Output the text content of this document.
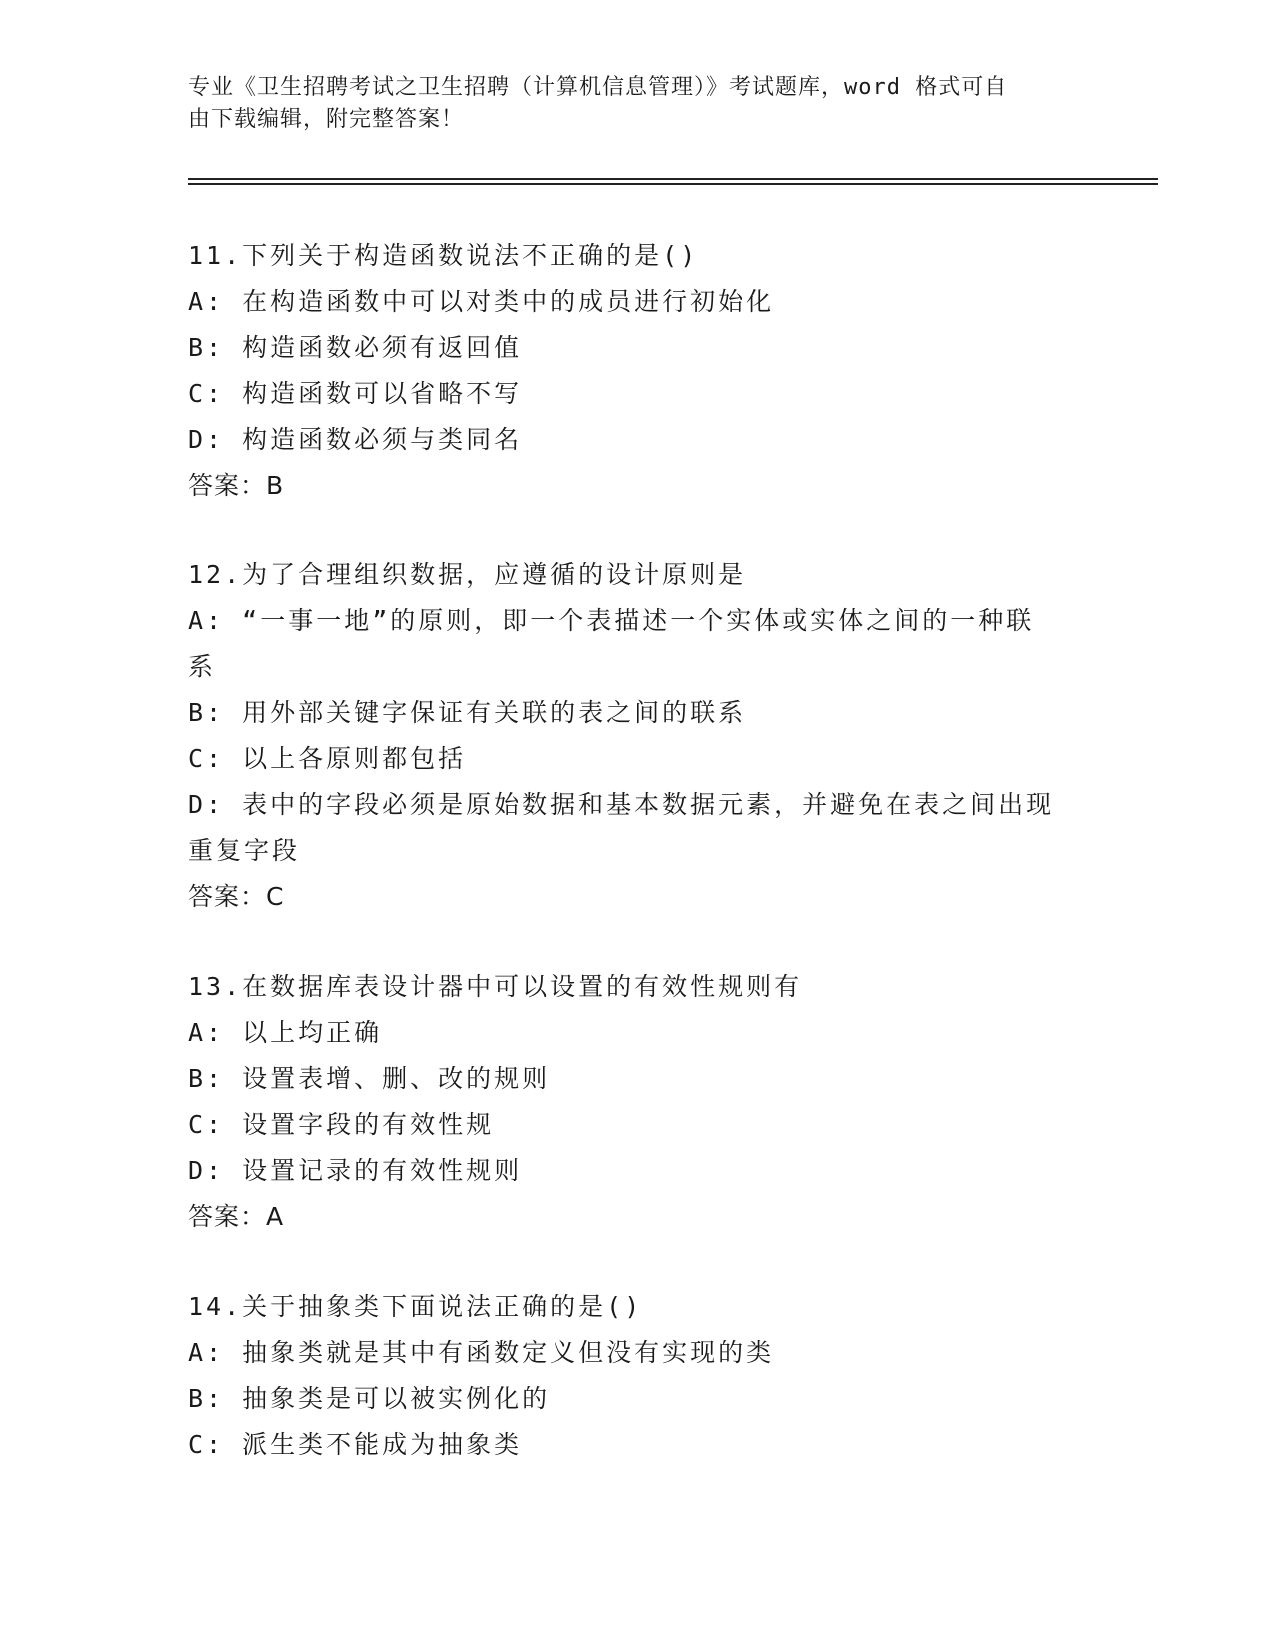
专业《卫生招聘考试之卫生招聘（计算机信息管理）》考试题库，word 格式可自
由下载编辑，附完整答案！
11.下列关于构造函数说法不正确的是()
A: 在构造函数中可以对类中的成员进行初始化
B: 构造函数必须有返回值
C: 构造函数可以省略不写
D: 构造函数必须与类同名
答案：B
12.为了合理组织数据，应遵循的设计原则是
A: “一事一地”的原则，即一个表描述一个实体或实体之间的一种联
系
B: 用外部关键字保证有关联的表之间的联系
C: 以上各原则都包括
D: 表中的字段必须是原始数据和基本数据元素，并避免在表之间出现
重复字段
答案：C
13.在数据库表设计器中可以设置的有效性规则有
A: 以上均正确
B: 设置表增、删、改的规则
C: 设置字段的有效性规
D: 设置记录的有效性规则
答案：A
14.关于抽象类下面说法正确的是()
A: 抽象类就是其中有函数定义但没有实现的类
B: 抽象类是可以被实例化的
C: 派生类不能成为抽象类
